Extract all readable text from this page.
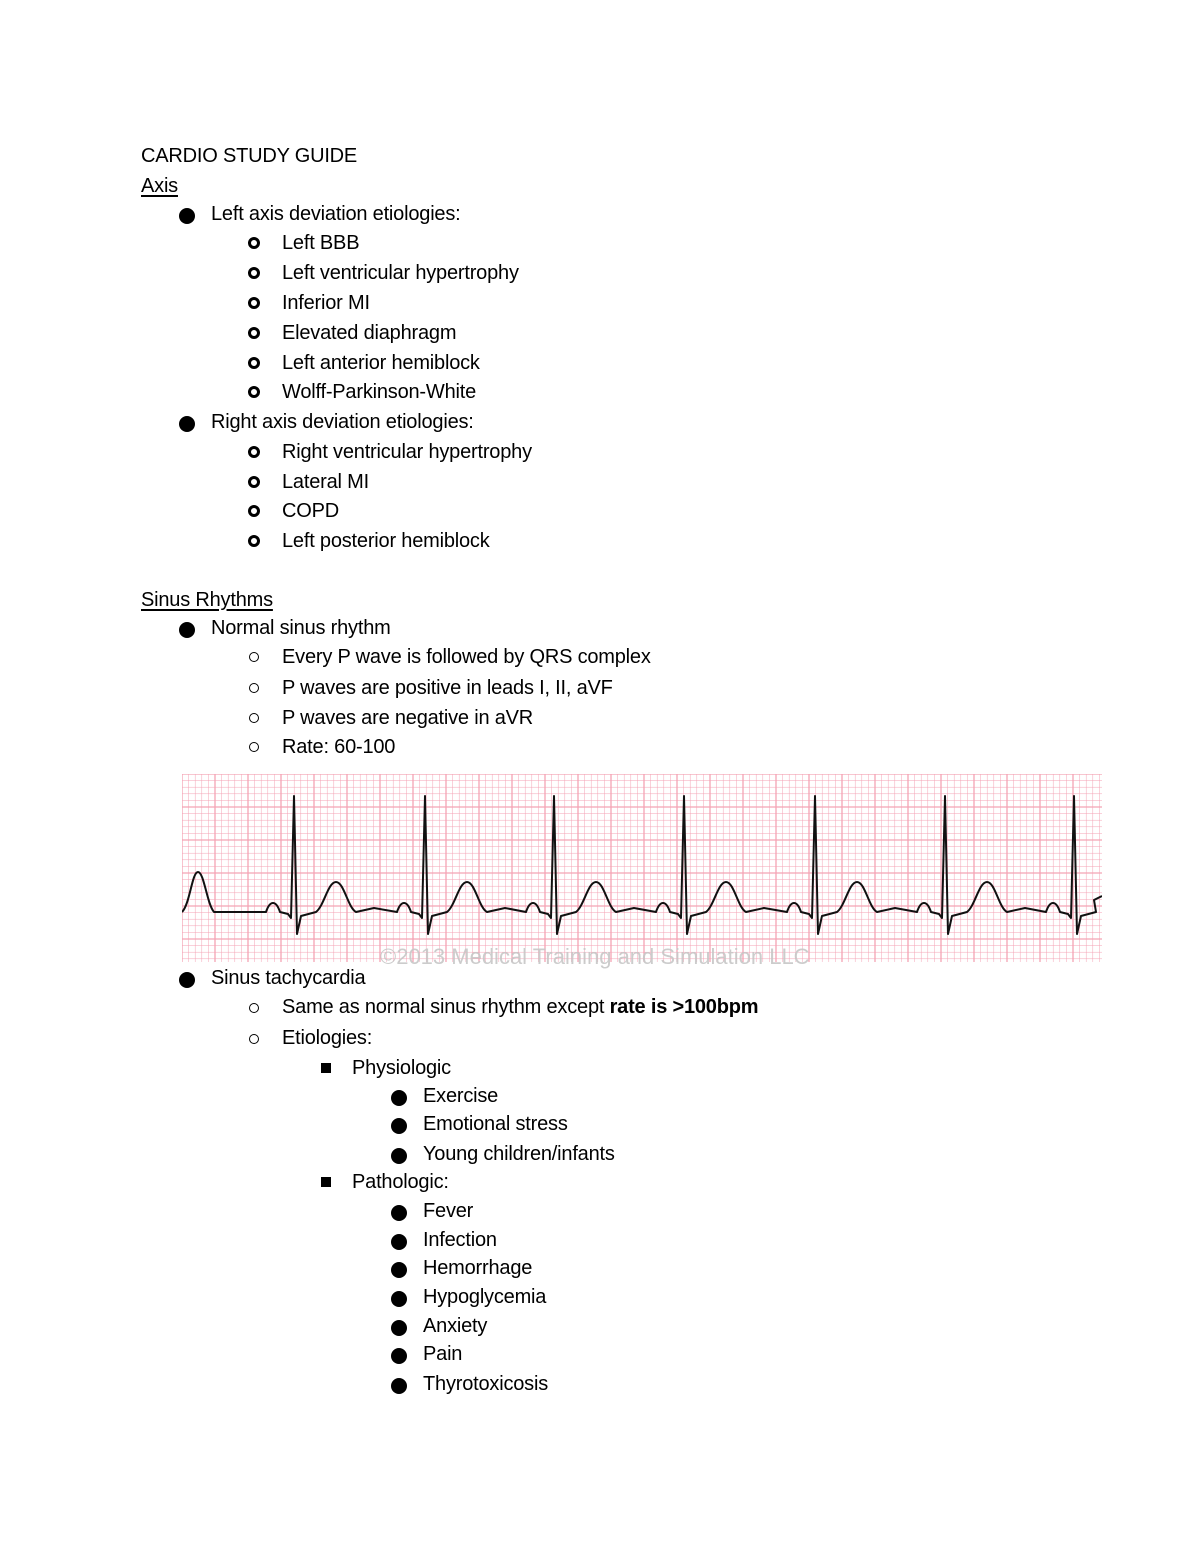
CARDIO STUDY GUIDE
Axis
Left axis deviation etiologies:
Left BBB
Left ventricular hypertrophy
Inferior MI
Elevated diaphragm
Left anterior hemiblock
Wolff-Parkinson-White
Right axis deviation etiologies:
Right ventricular hypertrophy
Lateral MI
COPD
Left posterior hemiblock
Sinus Rhythms
Normal sinus rhythm
Every P wave is followed by QRS complex
P waves are positive in leads I, II, aVF
P waves are negative in aVR
Rate: 60-100
©2013 Medical Training and Simulation LLC
Sinus tachycardia
Same as normal sinus rhythm except rate is >100bpm
Etiologies:
Physiologic
Exercise
Emotional stress
Young children/infants
Pathologic:
Fever
Infection
Hemorrhage
Hypoglycemia
Anxiety
Pain
Thyrotoxicosis
